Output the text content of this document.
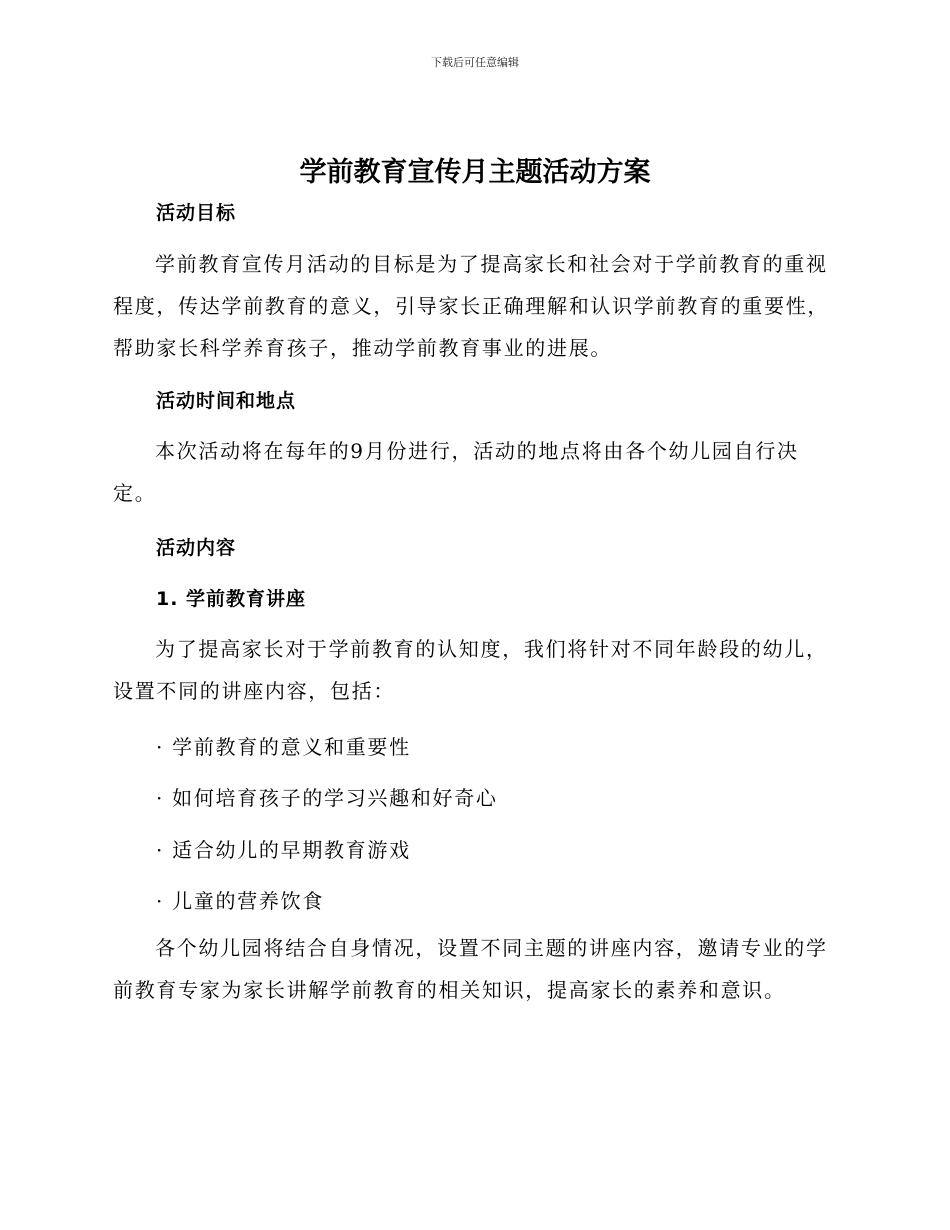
下载后可任意编辑
学前教育宣传月主题活动方案
活动目标
学前教育宣传月活动的目标是为了提高家长和社会对于学前教育的重视程度，传达学前教育的意义，引导家长正确理解和认识学前教育的重要性，帮助家长科学养育孩子，推动学前教育事业的进展。
活动时间和地点
本次活动将在每年的9月份进行，活动的地点将由各个幼儿园自行决定。
活动内容
1. 学前教育讲座
为了提高家长对于学前教育的认知度，我们将针对不同年龄段的幼儿，设置不同的讲座内容，包括：
· 学前教育的意义和重要性
· 如何培育孩子的学习兴趣和好奇心
· 适合幼儿的早期教育游戏
· 儿童的营养饮食
各个幼儿园将结合自身情况，设置不同主题的讲座内容，邀请专业的学前教育专家为家长讲解学前教育的相关知识，提高家长的素养和意识。
